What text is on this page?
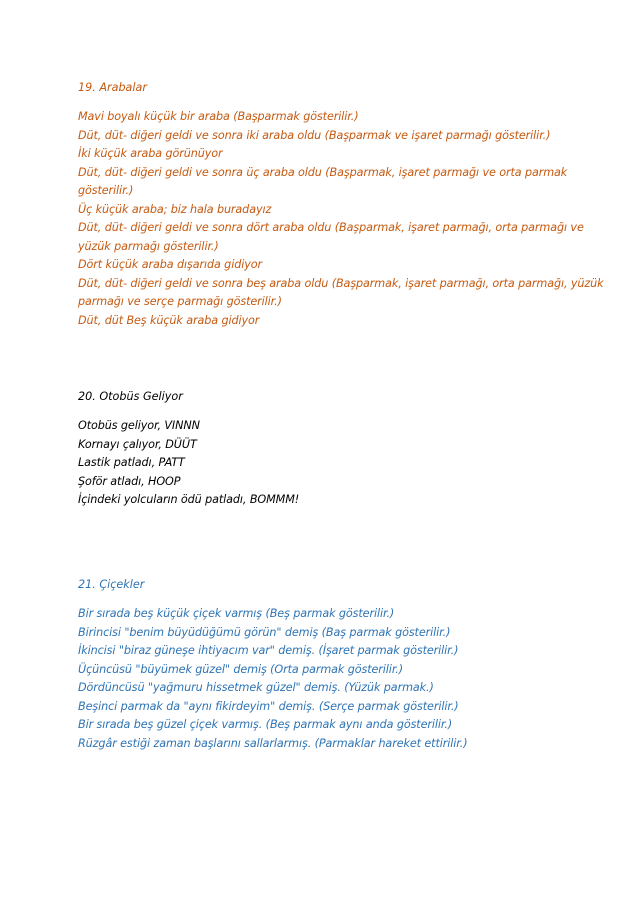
19. Arabalar

Mavi boyalı küçük bir araba (Başparmak gösterilir.)

Düt, düt- diğeri geldi ve sonra iki araba oldu (Başparmak ve işaret parmağı gösterilir.)

İki küçük araba görünüyor

Düt, düt- diğeri geldi ve sonra üç araba oldu (Başparmak, işaret parmağı ve orta parmak

gösterilir.)

Üç küçük araba; biz hala buradayız

Düt, düt- diğeri geldi ve sonra dört araba oldu (Başparmak, işaret parmağı, orta parmağı ve

yüzük parmağı gösterilir.)

Dört küçük araba dışarıda gidiyor

Düt, düt- diğeri geldi ve sonra beş araba oldu (Başparmak, işaret parmağı, orta parmağı, yüzük

parmağı ve serçe parmağı gösterilir.)

Düt, düt Beş küçük araba gidiyor

20. Otobüs Geliyor

Otobüs geliyor, VINNN

Kornayı çalıyor, DÜÜT

Lastik patladı, PATT

Şoför atladı, HOOP

İçindeki yolcuların ödü patladı, BOMMM!

21. Çiçekler

Bir sırada beş küçük çiçek varmış (Beş parmak gösterilir.)

Birincisi "benim büyüdüğümü görün" demiş (Baş parmak gösterilir.)

İkincisi "biraz güneşe ihtiyacım var" demiş. (İşaret parmak gösterilir.)

Üçüncüsü "büyümek güzel" demiş (Orta parmak gösterilir.)

Dördüncüsü "yağmuru hissetmek güzel" demiş. (Yüzük parmak.)

Beşinci parmak da "aynı fikirdeyim" demiş. (Serçe parmak gösterilir.)

Bir sırada beş güzel çiçek varmış. (Beş parmak aynı anda gösterilir.)

Rüzgâr estiği zaman başlarını sallarlarmış. (Parmaklar hareket ettirilir.)
